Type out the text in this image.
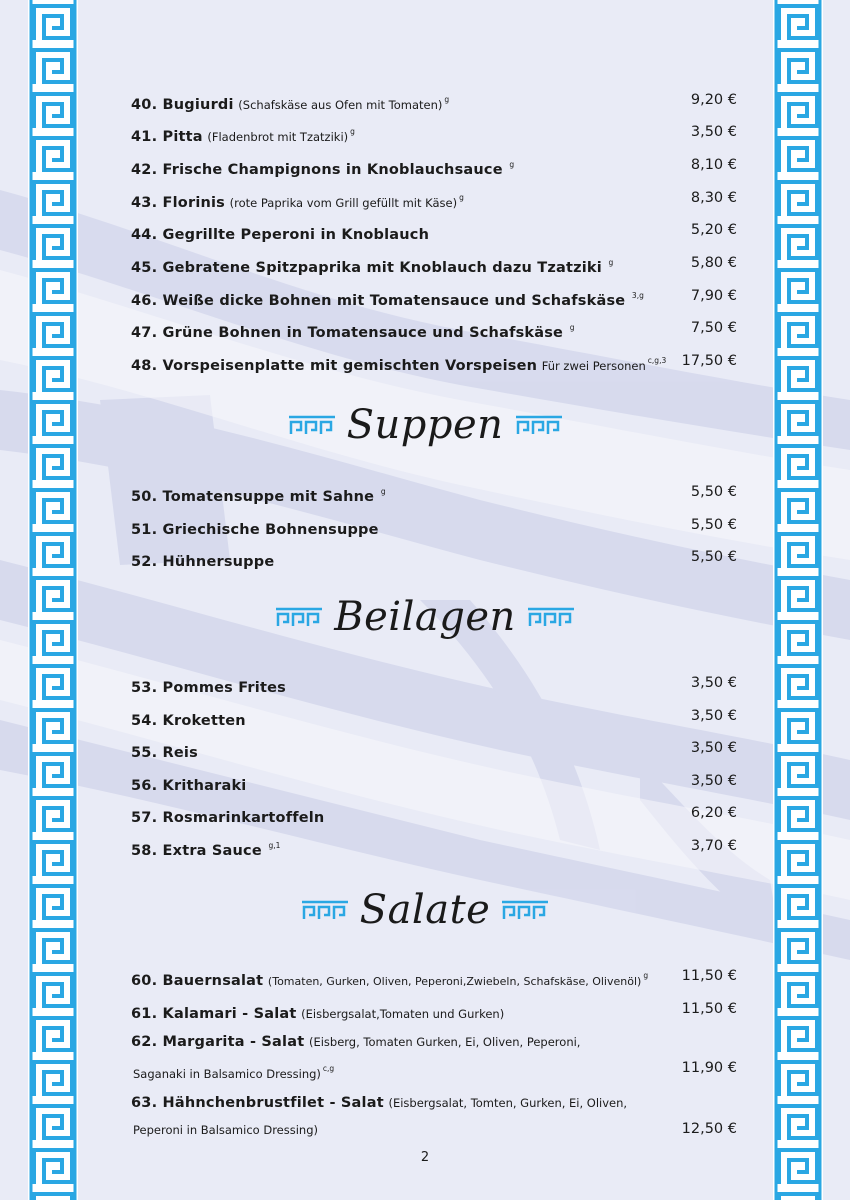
40. Bugiurdi (Schafskäse aus Ofen mit Tomaten) $^g$	9,20 €
41. Pitta (Fladenbrot mit Tzatziki) $^g$	3,50 €
42. Frische Champignons in Knoblauchsauce $^g$	8,10 €
43. Florinis (rote Paprika vom Grill gefüllt mit Käse) $^g$	8,30 €
44. Gegrillte Peperoni in Knoblauch	5,20 €
45. Gebratene Spitzpaprika mit Knoblauch dazu Tzatziki $^g$	5,80 €
46. Weiße dicke Bohnen mit Tomatensauce und Schafskäse $^{3,g}$	7,90 €
47. Grüne Bohnen in Tomatensauce und Schafskäse $^g$	7,50 €
48. Vorspeisenplatte mit gemischten Vorspeisen Für zwei Personen $^{c,g,3}$ 17,50 €
Suppen
50. Tomatensuppe mit Sahne $^g$	5,50 €
51. Griechische Bohnensuppe	5,50 €
52. Hühnersuppe	5,50 €
Beilagen
53. Pommes Frites	3,50 €
54. Kroketten	3,50 €
55. Reis	3,50 €
56. Kritharaki	3,50 €
57. Rosmarinkartoffeln	6,20 €
58. Extra Sauce $^{g,1}$	3,70 €
Salate
60. Bauernsalat (Tomaten, Gurken, Oliven, Peperoni,Zwiebeln, Schafskäse, Olivenöl) $^g$ 11,50 €
61. Kalamari - Salat (Eisbergsalat,Tomaten und Gurken)	11,50 €
62. Margarita - Salat (Eisberg, Tomaten Gurken, Ei, Oliven, Peperoni,
Saganaki in Balsamico Dressing) $^{c,g}$	11,90 €
63. Hähnchenbrustfilet - Salat (Eisbergsalat, Tomten, Gurken, Ei, Oliven,
Peperoni in Balsamico Dressing)	12,50 €
2
